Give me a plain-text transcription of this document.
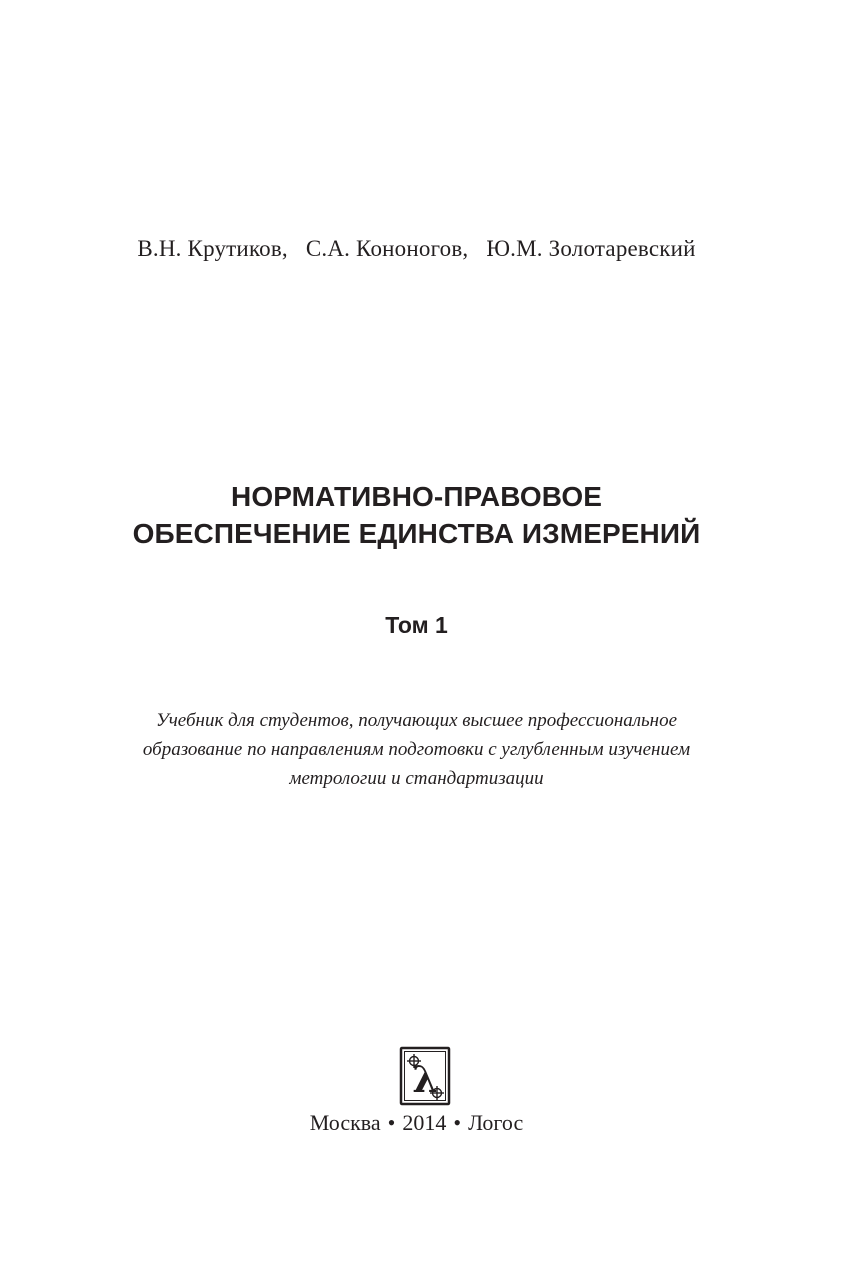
В.Н. Крутиков, С.А. Кононогов, Ю.М. Золотаревский
НОРМАТИВНО-ПРАВОВОЕ
ОБЕСПЕЧЕНИЕ ЕДИНСТВА ИЗМЕРЕНИЙ
Том 1
Учебник для студентов, получающих высшее профессиональное
образование по направлениям подготовки с углубленным изучением
метрологии и стандартизации
λ
Москва • 2014 • Логос
